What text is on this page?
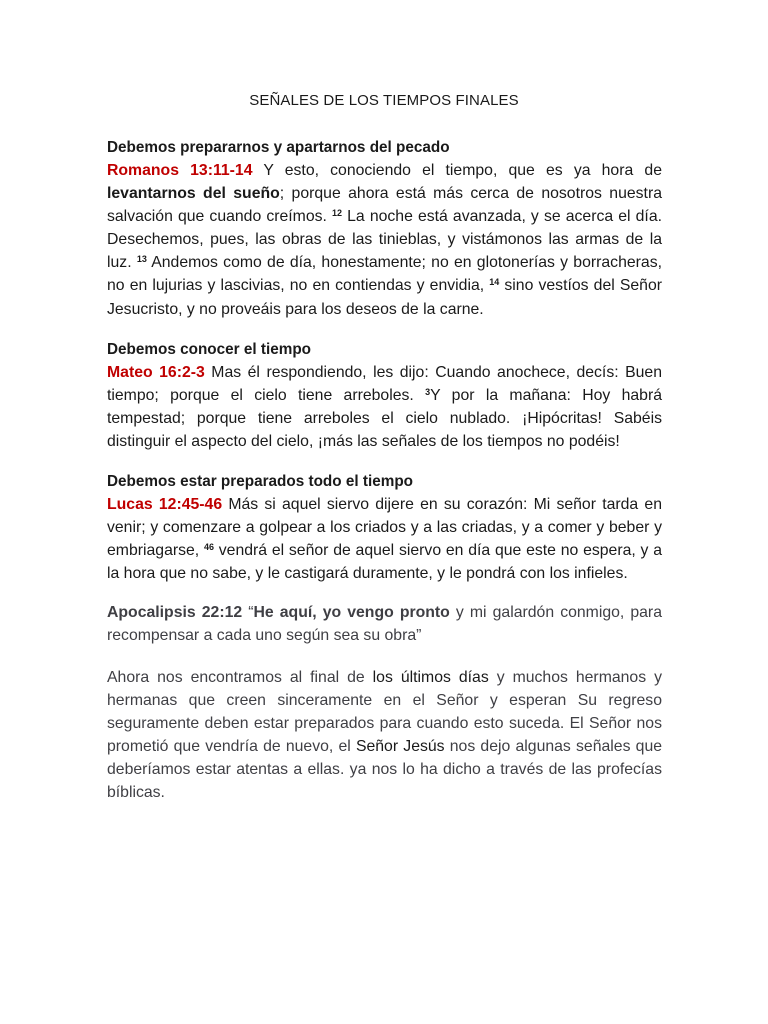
SEÑALES DE LOS TIEMPOS FINALES
Debemos prepararnos y apartarnos del pecado
Romanos 13:11-14 Y esto, conociendo el tiempo, que es ya hora de levantarnos del sueño; porque ahora está más cerca de nosotros nuestra salvación que cuando creímos. $^{12}$ La noche está avanzada, y se acerca el día. Desechemos, pues, las obras de las tinieblas, y vistámonos las armas de la luz. $^{13}$ Andemos como de día, honestamente; no en glotonerías y borracheras, no en lujurias y lascivias, no en contiendas y envidia, $^{14}$ sino vestíos del Señor Jesucristo, y no proveáis para los deseos de la carne.
Debemos conocer el tiempo
Mateo 16:2-3 Mas él respondiendo, les dijo: Cuando anochece, decís: Buen tiempo; porque el cielo tiene arreboles. $^3$Y por la mañana: Hoy habrá tempestad; porque tiene arreboles el cielo nublado. ¡Hipócritas! Sabéis distinguir el aspecto del cielo, ¡más las señales de los tiempos no podéis!
Debemos estar preparados todo el tiempo
Lucas 12:45-46 Más si aquel siervo dijere en su corazón: Mi señor tarda en venir; y comenzare a golpear a los criados y a las criadas, y a comer y beber y embriagarse, $^{46}$ vendrá el señor de aquel siervo en día que este no espera, y a la hora que no sabe, y le castigará duramente, y le pondrá con los infieles.
Apocalipsis 22:12 “He aquí, yo vengo pronto y mi galardón conmigo, para recompensar a cada uno según sea su obra”
Ahora nos encontramos al final de los últimos días y muchos hermanos y hermanas que creen sinceramente en el Señor y esperan Su regreso seguramente deben estar preparados para cuando esto suceda. El Señor nos prometió que vendría de nuevo, el Señor Jesús nos dejo algunas señales que deberíamos estar atentas a ellas. ya nos lo ha dicho a través de las profecías bíblicas.
